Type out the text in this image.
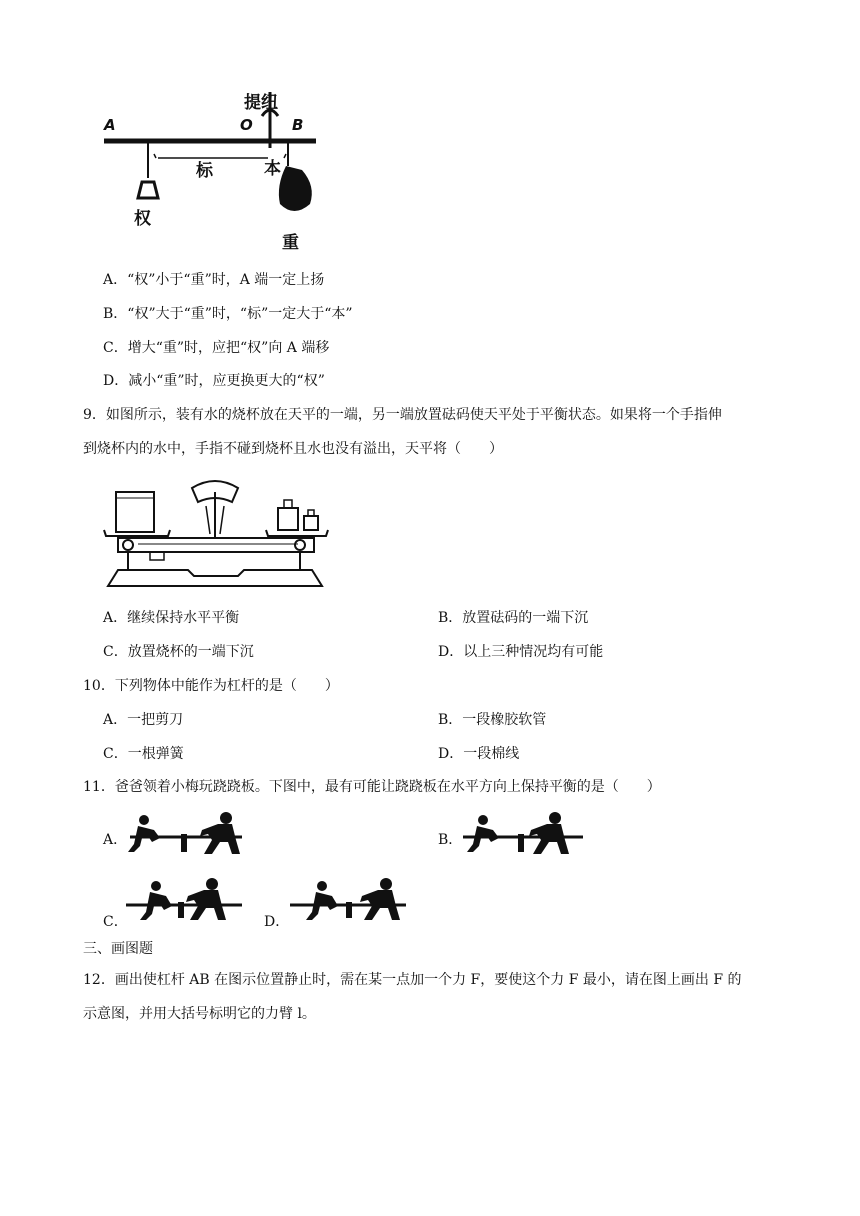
A	O	B
提纽
标	本
权
重
A．“权”小于“重”时，A 端一定上扬
B．“权”大于“重”时，“标”一定大于“本”
C．增大“重”时，应把“权”向 A 端移
D．减小“重”时，应更换更大的“权”
9．如图所示，装有水的烧杯放在天平的一端，另一端放置砝码使天平处于平衡状态。如果将一个手指伸
到烧杯内的水中，手指不碰到烧杯且水也没有溢出，天平将（　　）
A．继续保持水平平衡	B．放置砝码的一端下沉
C．放置烧杯的一端下沉	D．以上三种情况均有可能
10．下列物体中能作为杠杆的是（　　）
A．一把剪刀	B．一段橡胶软管
C．一根弹簧	D．一段棉线
11．爸爸领着小梅玩跷跷板。下图中，最有可能让跷跷板在水平方向上保持平衡的是（　　）
A．	B．
C．	D．
三、画图题
12．画出使杠杆 AB 在图示位置静止时，需在某一点加一个力 F，要使这个力 F 最小，请在图上画出 F 的
示意图，并用大括号标明它的力臂 l。
